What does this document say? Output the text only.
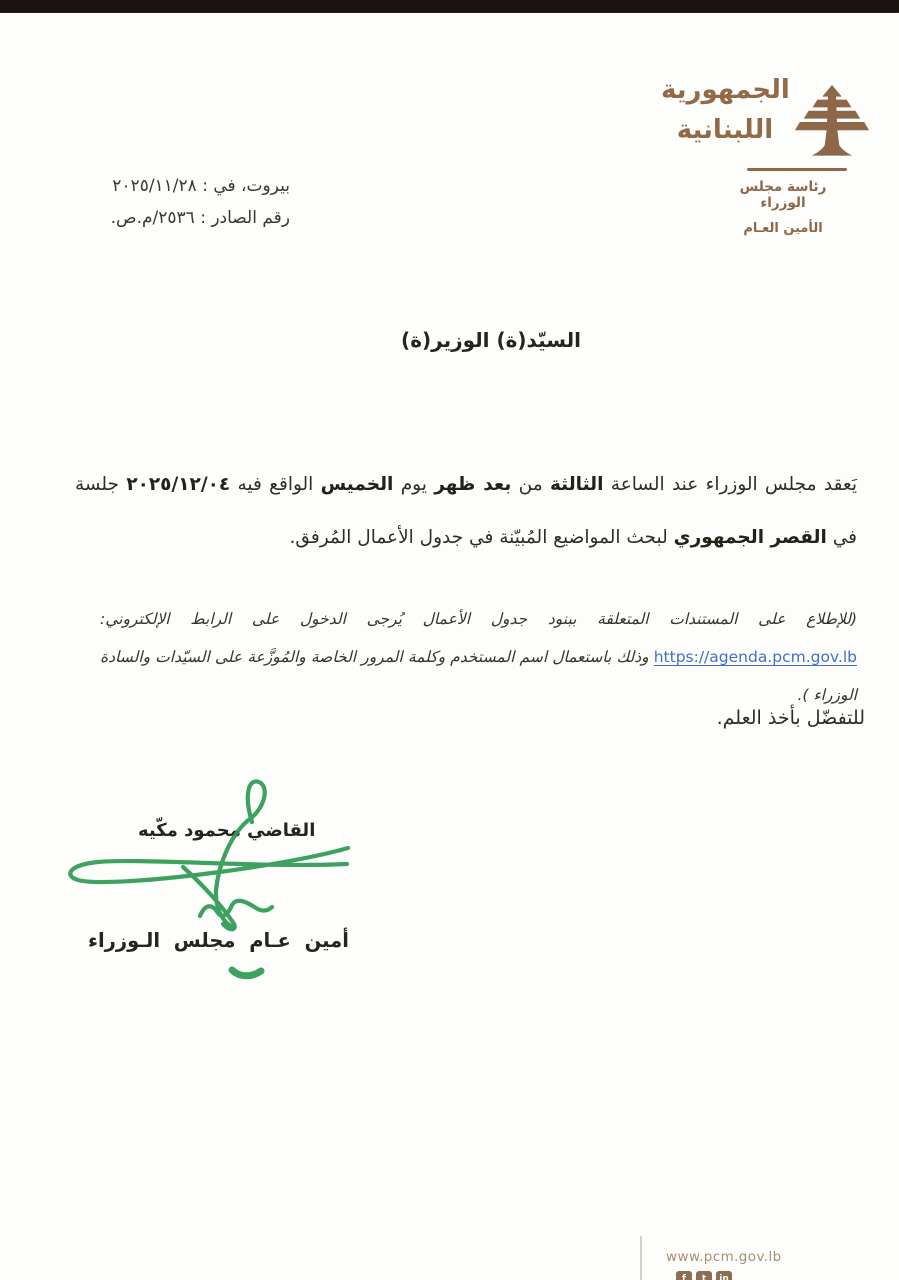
الجمهورية
اللبنانية
رئاسة مجلس الوزراء
الأمين العـام
بيروت، في : ٢٠٢٥/١١/٢٨
رقم الصادر : ٢٥٣٦/م.ص.
السيّد(ة) الوزير(ة)

يَعقد مجلس الوزراء عند الساعة الثالثة من بعد ظهر يوم الخميس الواقع فيه ٢٠٢٥/١٢/٠٤ جلسة في القصر الجمهوري لبحث المواضيع المُبيّنة في جدول الأعمال المُرفق.

(للإطلاع على المستندات المتعلقة ببنود جدول الأعمال يُرجى الدخول على الرابط الإلكتروني: https://agenda.pcm.gov.lb وذلك باستعمال اسم المستخدم وكلمة المرور الخاصة والمُوزَّعة على السيّدات والسادة الوزراء ).

للتفضّل بأخذ العلم.
القاضي محمود مكّيه
أمين عـام مجلس الـوزراء
www.pcm.gov.lb
f	t	in
